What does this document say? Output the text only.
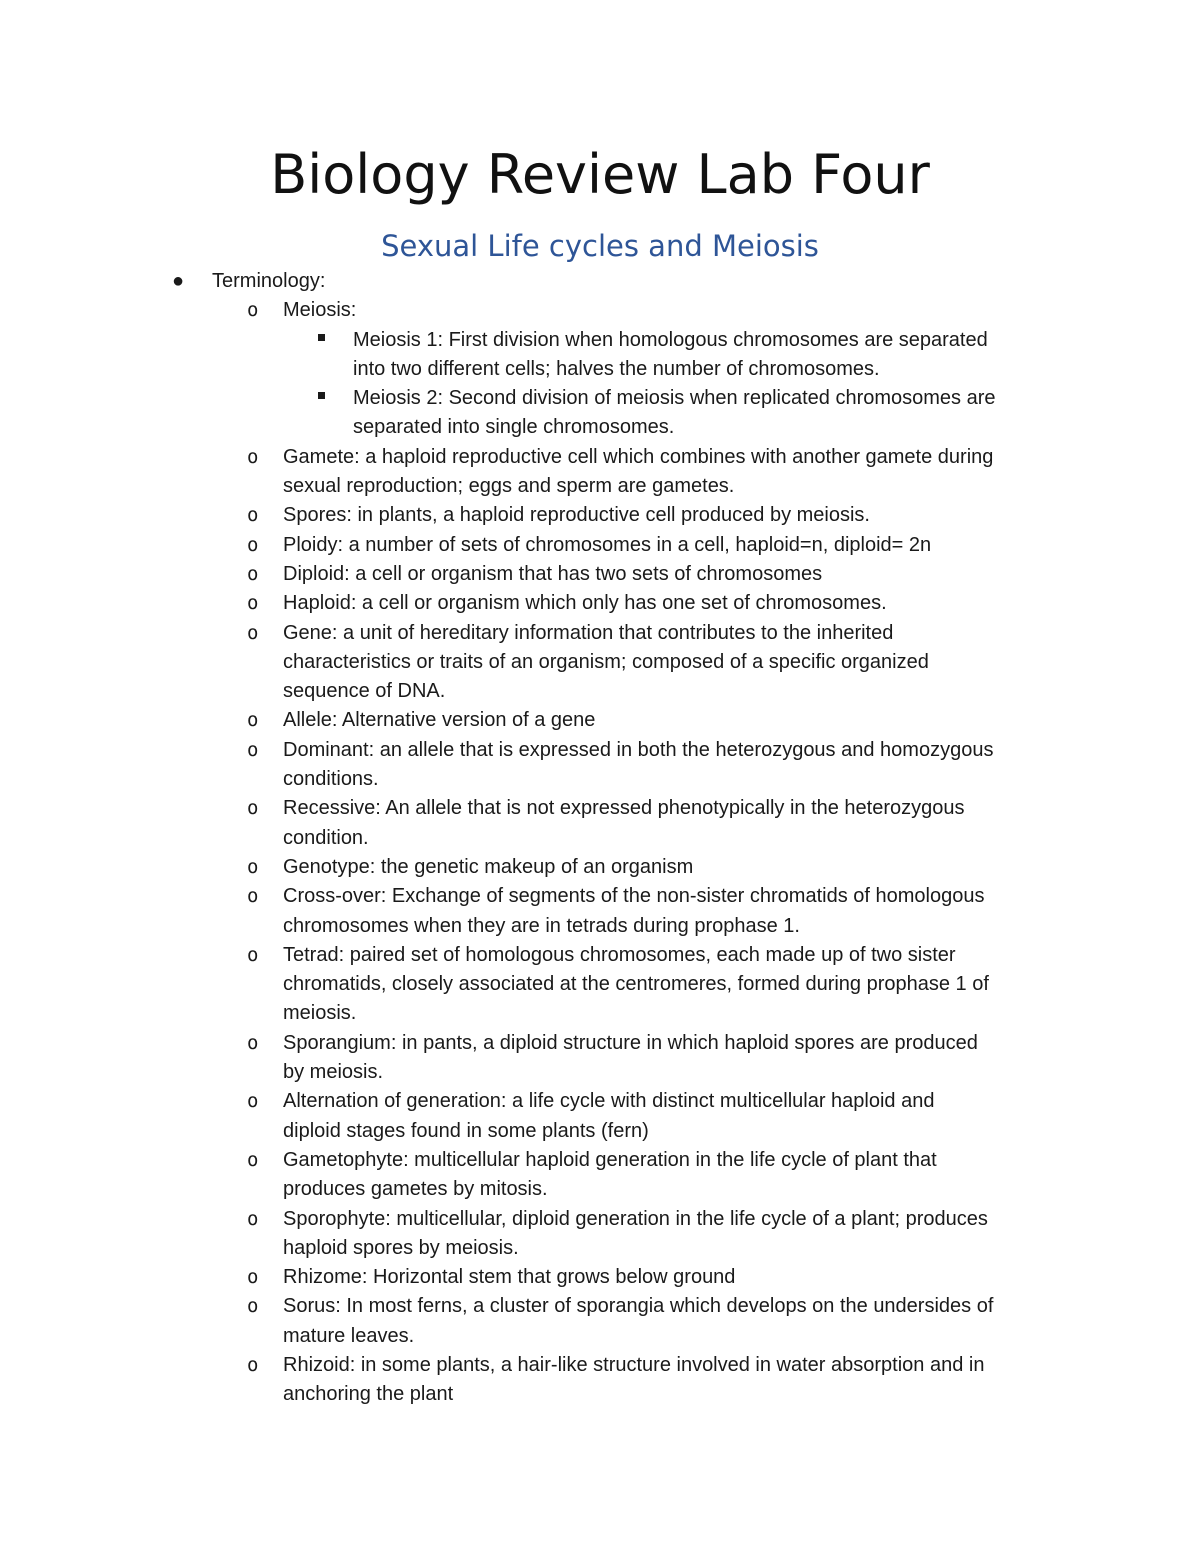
Biology Review Lab Four
Sexual Life cycles and Meiosis
● Terminology:
o Meiosis:
Meiosis 1: First division when homologous chromosomes are separated
into two different cells; halves the number of chromosomes.
Meiosis 2: Second division of meiosis when replicated chromosomes are
separated into single chromosomes.
o Gamete: a haploid reproductive cell which combines with another gamete during
sexual reproduction; eggs and sperm are gametes.
o Spores: in plants, a haploid reproductive cell produced by meiosis.
o Ploidy: a number of sets of chromosomes in a cell, haploid=n, diploid= 2n
o Diploid: a cell or organism that has two sets of chromosomes
o Haploid: a cell or organism which only has one set of chromosomes.
o Gene: a unit of hereditary information that contributes to the inherited
characteristics or traits of an organism; composed of a specific organized
sequence of DNA.
o Allele: Alternative version of a gene
o Dominant: an allele that is expressed in both the heterozygous and homozygous
conditions.
o Recessive: An allele that is not expressed phenotypically in the heterozygous
condition.
o Genotype: the genetic makeup of an organism
o Cross-over: Exchange of segments of the non-sister chromatids of homologous
chromosomes when they are in tetrads during prophase 1.
o Tetrad: paired set of homologous chromosomes, each made up of two sister
chromatids, closely associated at the centromeres, formed during prophase 1 of
meiosis.
o Sporangium: in pants, a diploid structure in which haploid spores are produced
by meiosis.
o Alternation of generation: a life cycle with distinct multicellular haploid and
diploid stages found in some plants (fern)
o Gametophyte: multicellular haploid generation in the life cycle of plant that
produces gametes by mitosis.
o Sporophyte: multicellular, diploid generation in the life cycle of a plant; produces
haploid spores by meiosis.
o Rhizome: Horizontal stem that grows below ground
o Sorus: In most ferns, a cluster of sporangia which develops on the undersides of
mature leaves.
o Rhizoid: in some plants, a hair-like structure involved in water absorption and in
anchoring the plant
